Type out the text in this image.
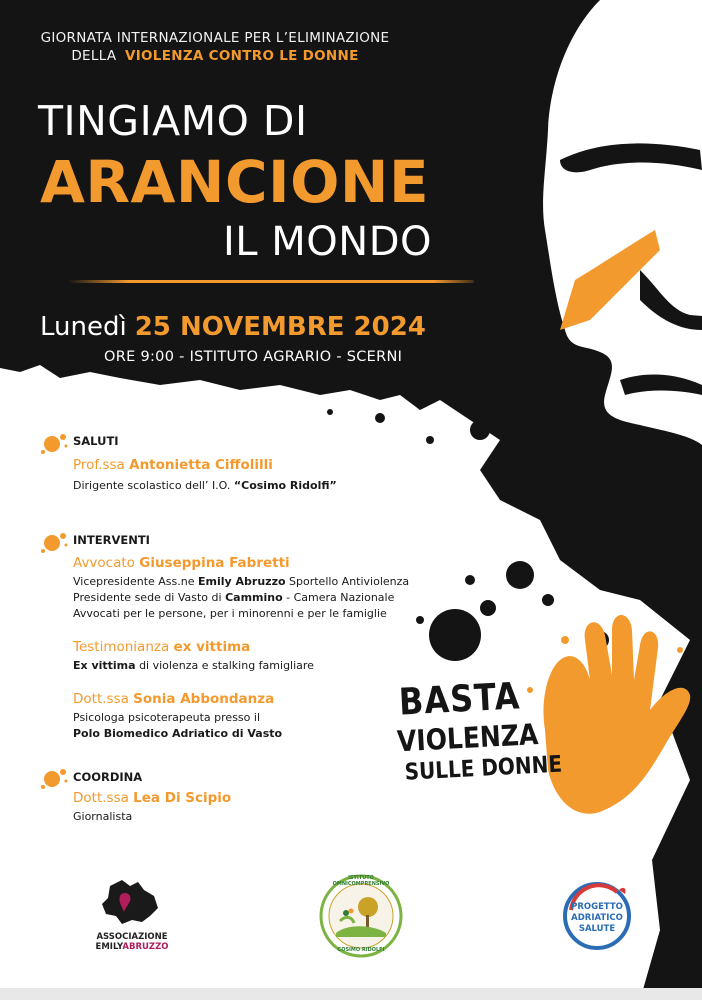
GIORNATA INTERNAZIONALE PER L’ELIMINAZIONE
DELLA VIOLENZA CONTRO LE DONNE
TINGIAMO DI
ARANCIONE
IL MONDO
Lunedì 25 NOVEMBRE 2024
ORE 9:00 - ISTITUTO AGRARIO - SCERNI
SALUTI
Prof.ssa Antonietta Ciffolilli
Dirigente scolastico dell’ I.O. “Cosimo Ridolfi”
INTERVENTI
Avvocato Giuseppina Fabretti
Vicepresidente Ass.ne Emily Abruzzo Sportello Antiviolenza
Presidente sede di Vasto di Cammino - Camera Nazionale
Avvocati per le persone, per i minorenni e per le famiglie
Testimonianza ex vittima
Ex vittima di violenza e stalking famigliare
Dott.ssa Sonia Abbondanza
Psicologa psicoterapeuta presso il
Polo Biomedico Adriatico di Vasto
COORDINA
Dott.ssa Lea Di Scipio
Giornalista
BASTA
VIOLENZA
SULLE DONNE
ASSOCIAZIONE
EMILYABRUZZO
ISTITUTO OMNICOMPRENSIVO
COSIMO RIDOLFI
PROGETTO
ADRIATICO
SALUTE
